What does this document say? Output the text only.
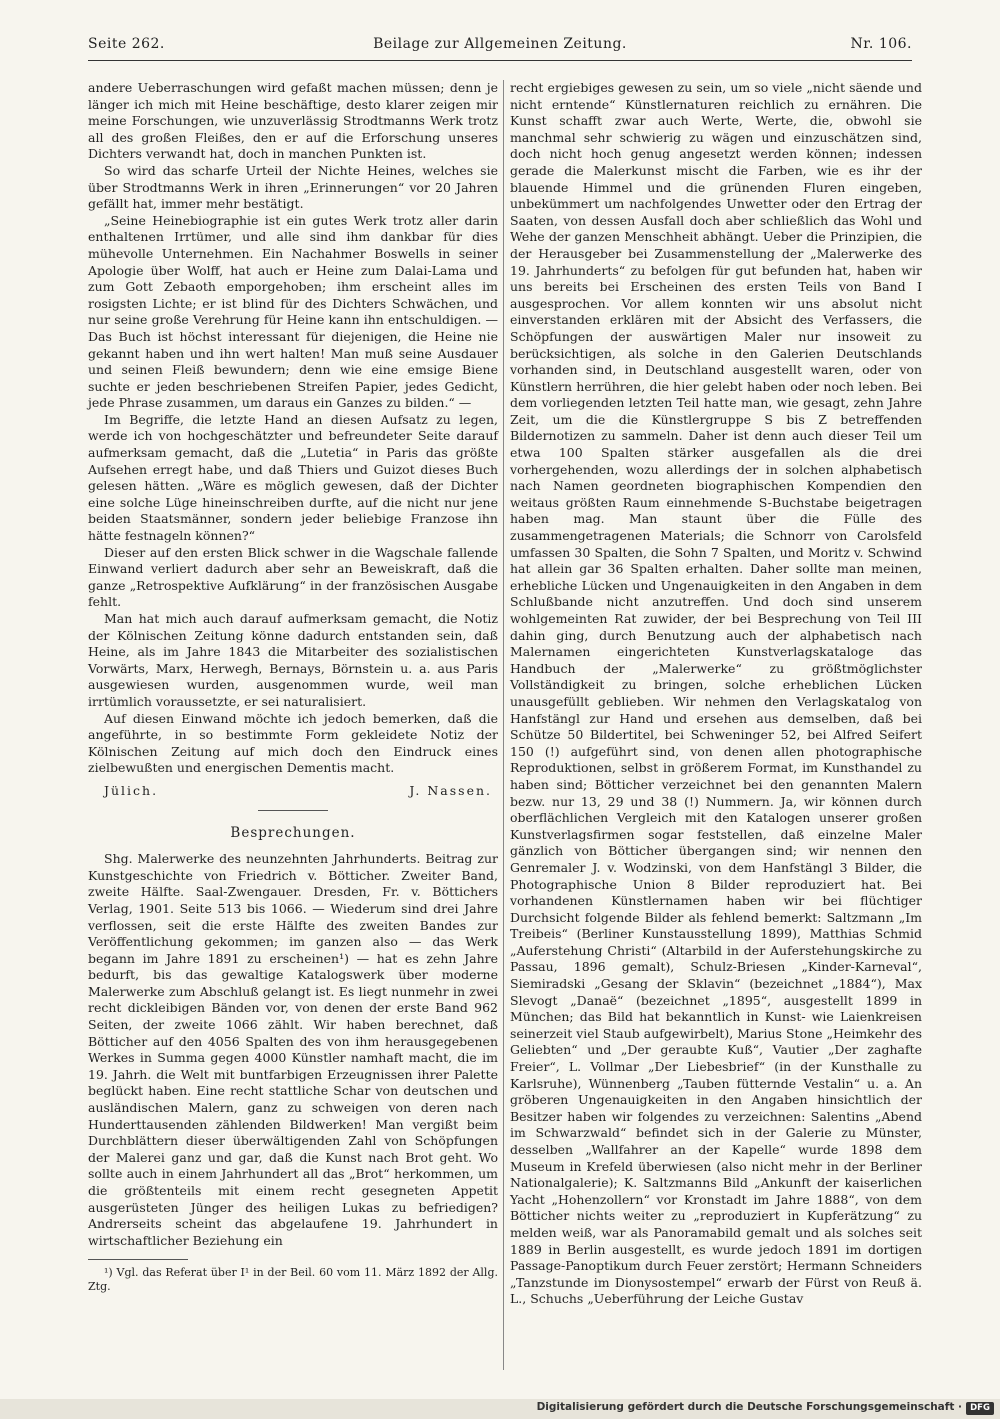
Seite 262.	Beilage zur Allgemeinen Zeitung.	Nr. 106.

andere Ueberraschungen wird gefaßt machen müssen; denn je länger ich mich mit Heine beschäftige, desto klarer zeigen mir meine Forschungen, wie unzuverlässig Strodtmanns Werk trotz all des großen Fleißes, den er auf die Erforschung unseres Dichters verwandt hat, doch in manchen Punkten ist.

So wird das scharfe Urteil der Nichte Heines, welches sie über Strodtmanns Werk in ihren „Erinnerungen“ vor 20 Jahren gefällt hat, immer mehr bestätigt.

„Seine Heinebiographie ist ein gutes Werk trotz aller darin enthaltenen Irrtümer, und alle sind ihm dankbar für dies mühevolle Unternehmen. Ein Nachahmer Boswells in seiner Apologie über Wolff, hat auch er Heine zum Dalai-Lama und zum Gott Zebaoth emporgehoben; ihm erscheint alles im rosigsten Lichte; er ist blind für des Dichters Schwächen, und nur seine große Verehrung für Heine kann ihn entschuldigen. — Das Buch ist höchst interessant für diejenigen, die Heine nie gekannt haben und ihn wert halten! Man muß seine Ausdauer und seinen Fleiß bewundern; denn wie eine emsige Biene suchte er jeden beschriebenen Streifen Papier, jedes Gedicht, jede Phrase zusammen, um daraus ein Ganzes zu bilden.“ —

Im Begriffe, die letzte Hand an diesen Aufsatz zu legen, werde ich von hochgeschätzter und befreundeter Seite darauf aufmerksam gemacht, daß die „Lutetia“ in Paris das größte Aufsehen erregt habe, und daß Thiers und Guizot dieses Buch gelesen hätten. „Wäre es möglich gewesen, daß der Dichter eine solche Lüge hineinschreiben durfte, auf die nicht nur jene beiden Staatsmänner, sondern jeder beliebige Franzose ihn hätte festnageln können?“

Dieser auf den ersten Blick schwer in die Wagschale fallende Einwand verliert dadurch aber sehr an Beweiskraft, daß die ganze „Retrospektive Aufklärung“ in der französischen Ausgabe fehlt.

Man hat mich auch darauf aufmerksam gemacht, die Notiz der Kölnischen Zeitung könne dadurch entstanden sein, daß Heine, als im Jahre 1843 die Mitarbeiter des sozialistischen Vorwärts, Marx, Herwegh, Bernays, Börnstein u. a. aus Paris ausgewiesen wurden, ausgenommen wurde, weil man irrtümlich voraussetzte, er sei naturalisiert.

Auf diesen Einwand möchte ich jedoch bemerken, daß die angeführte, in so bestimmte Form gekleidete Notiz der Kölnischen Zeitung auf mich doch den Eindruck eines zielbewußten und energischen Dementis macht.

Jülich.	J. Nassen.
Besprechungen.

Shg. Malerwerke des neunzehnten Jahrhunderts. Beitrag zur Kunstgeschichte von Friedrich v. Bötticher. Zweiter Band, zweite Hälfte. Saal-Zwengauer. Dresden, Fr. v. Böttichers Verlag, 1901. Seite 513 bis 1066. — Wiederum sind drei Jahre verflossen, seit die erste Hälfte des zweiten Bandes zur Veröffentlichung gekommen; im ganzen also — das Werk begann im Jahre 1891 zu erscheinen¹) — hat es zehn Jahre bedurft, bis das gewaltige Katalogswerk über moderne Malerwerke zum Abschluß gelangt ist. Es liegt nunmehr in zwei recht dickleibigen Bänden vor, von denen der erste Band 962 Seiten, der zweite 1066 zählt. Wir haben berechnet, daß Bötticher auf den 4056 Spalten des von ihm herausgegebenen Werkes in Summa gegen 4000 Künstler namhaft macht, die im 19. Jahrh. die Welt mit buntfarbigen Erzeugnissen ihrer Palette beglückt haben. Eine recht stattliche Schar von deutschen und ausländischen Malern, ganz zu schweigen von deren nach Hunderttausenden zählenden Bildwerken! Man vergißt beim Durchblättern dieser überwältigenden Zahl von Schöpfungen der Malerei ganz und gar, daß die Kunst nach Brot geht. Wo sollte auch in einem Jahrhundert all das „Brot“ herkommen, um die größtenteils mit einem recht gesegneten Appetit ausgerüsteten Jünger des heiligen Lukas zu befriedigen? Andrerseits scheint das abgelaufene 19. Jahrhundert in wirtschaftlicher Beziehung ein

¹) Vgl. das Referat über I¹ in der Beil. 60 vom 11. März 1892 der Allg. Ztg.

recht ergiebiges gewesen zu sein, um so viele „nicht säende und nicht erntende“ Künstlernaturen reichlich zu ernähren. Die Kunst schafft zwar auch Werte, Werte, die, obwohl sie manchmal sehr schwierig zu wägen und einzuschätzen sind, doch nicht hoch genug angesetzt werden können; indessen gerade die Malerkunst mischt die Farben, wie es ihr der blauende Himmel und die grünenden Fluren eingeben, unbekümmert um nachfolgendes Unwetter oder den Ertrag der Saaten, von dessen Ausfall doch aber schließlich das Wohl und Wehe der ganzen Menschheit abhängt. Ueber die Prinzipien, die der Herausgeber bei Zusammenstellung der „Malerwerke des 19. Jahrhunderts“ zu befolgen für gut befunden hat, haben wir uns bereits bei Erscheinen des ersten Teils von Band I ausgesprochen. Vor allem konnten wir uns absolut nicht einverstanden erklären mit der Absicht des Verfassers, die Schöpfungen der auswärtigen Maler nur insoweit zu berücksichtigen, als solche in den Galerien Deutschlands vorhanden sind, in Deutschland ausgestellt waren, oder von Künstlern herrühren, die hier gelebt haben oder noch leben. Bei dem vorliegenden letzten Teil hatte man, wie gesagt, zehn Jahre Zeit, um die die Künstlergruppe S bis Z betreffenden Bildernotizen zu sammeln. Daher ist denn auch dieser Teil um etwa 100 Spalten stärker ausgefallen als die drei vorhergehenden, wozu allerdings der in solchen alphabetisch nach Namen geordneten biographischen Kompendien den weitaus größten Raum einnehmende S-Buchstabe beigetragen haben mag. Man staunt über die Fülle des zusammengetragenen Materials; die Schnorr von Carolsfeld umfassen 30 Spalten, die Sohn 7 Spalten, und Moritz v. Schwind hat allein gar 36 Spalten erhalten. Daher sollte man meinen, erhebliche Lücken und Ungenauigkeiten in den Angaben in dem Schlußbande nicht anzutreffen. Und doch sind unserem wohlgemeinten Rat zuwider, der bei Besprechung von Teil III dahin ging, durch Benutzung auch der alphabetisch nach Malernamen eingerichteten Kunstverlagskataloge das Handbuch der „Malerwerke“ zu größtmöglichster Vollständigkeit zu bringen, solche erheblichen Lücken unausgefüllt geblieben. Wir nehmen den Verlagskatalog von Hanfstängl zur Hand und ersehen aus demselben, daß bei Schütze 50 Bildertitel, bei Schweninger 52, bei Alfred Seifert 150 (!) aufgeführt sind, von denen allen photographische Reproduktionen, selbst in größerem Format, im Kunsthandel zu haben sind; Bötticher verzeichnet bei den genannten Malern bezw. nur 13, 29 und 38 (!) Nummern. Ja, wir können durch oberflächlichen Vergleich mit den Katalogen unserer großen Kunstverlagsfirmen sogar feststellen, daß einzelne Maler gänzlich von Bötticher übergangen sind; wir nennen den Genremaler J. v. Wodzinski, von dem Hanfstängl 3 Bilder, die Photographische Union 8 Bilder reproduziert hat. Bei vorhandenen Künstlernamen haben wir bei flüchtiger Durchsicht folgende Bilder als fehlend bemerkt: Saltzmann „Im Treibeis“ (Berliner Kunstausstellung 1899), Matthias Schmid „Auferstehung Christi“ (Altarbild in der Auferstehungskirche zu Passau, 1896 gemalt), Schulz-Briesen „Kinder-Karneval“, Siemiradski „Gesang der Sklavin“ (bezeichnet „1884“), Max Slevogt „Danaë“ (bezeichnet „1895“, ausgestellt 1899 in München; das Bild hat bekanntlich in Kunst- wie Laienkreisen seinerzeit viel Staub aufgewirbelt), Marius Stone „Heimkehr des Geliebten“ und „Der geraubte Kuß“, Vautier „Der zaghafte Freier“, L. Vollmar „Der Liebesbrief“ (in der Kunsthalle zu Karlsruhe), Wünnenberg „Tauben fütternde Vestalin“ u. a. An gröberen Ungenauigkeiten in den Angaben hinsichtlich der Besitzer haben wir folgendes zu verzeichnen: Salentins „Abend im Schwarzwald“ befindet sich in der Galerie zu Münster, desselben „Wallfahrer an der Kapelle“ wurde 1898 dem Museum in Krefeld überwiesen (also nicht mehr in der Berliner Nationalgalerie); K. Saltzmanns Bild „Ankunft der kaiserlichen Yacht „Hohenzollern“ vor Kronstadt im Jahre 1888“, von dem Bötticher nichts weiter zu „reproduziert in Kupferätzung“ zu melden weiß, war als Panoramabild gemalt und als solches seit 1889 in Berlin ausgestellt, es wurde jedoch 1891 im dortigen Passage-Panoptikum durch Feuer zerstört; Hermann Schneiders „Tanzstunde im Dionysostempel“ erwarb der Fürst von Reuß ä. L., Schuchs „Ueberführung der Leiche Gustav

Digitalisierung gefördert durch die Deutsche Forschungsgemeinschaft · DFG
